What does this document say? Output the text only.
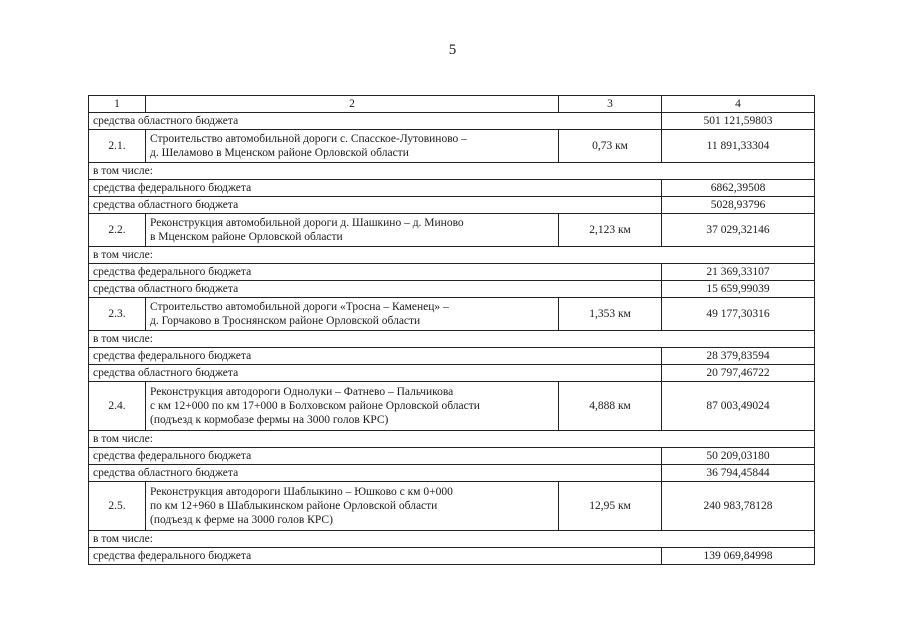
5
1	2	3	4
средства областного бюджета			501 121,59803
2.1.	Строительство автомобильной дороги с. Спасское-Лутовиново –
д. Шеламово в Мценском районе Орловской области	0,73 км	11 891,33304
в том числе:			
средства федерального бюджета			6862,39508
средства областного бюджета			5028,93796
2.2.	Реконструкция автомобильной дороги д. Шашкино – д. Миново
в Мценском районе Орловской области	2,123 км	37 029,32146
в том числе:			
средства федерального бюджета			21 369,33107
средства областного бюджета			15 659,99039
2.3.	Строительство автомобильной дороги «Тросна – Каменец» –
д. Горчаково в Троснянском районе Орловской области	1,353 км	49 177,30316
в том числе:			
средства федерального бюджета			28 379,83594
средства областного бюджета			20 797,46722
2.4.	Реконструкция автодороги Однолуки – Фатнево – Пальчикова
с км 12+000 по км 17+000 в Болховском районе Орловской области
(подъезд к кормобазе фермы на 3000 голов КРС)	4,888 км	87 003,49024
в том числе:			
средства федерального бюджета			50 209,03180
средства областного бюджета			36 794,45844
2.5.	Реконструкция автодороги Шаблыкино – Юшково с км 0+000
по км 12+960 в Шаблыкинском районе Орловской области
(подъезд к ферме на 3000 голов КРС)	12,95 км	240 983,78128
в том числе:			
средства федерального бюджета			139 069,84998
